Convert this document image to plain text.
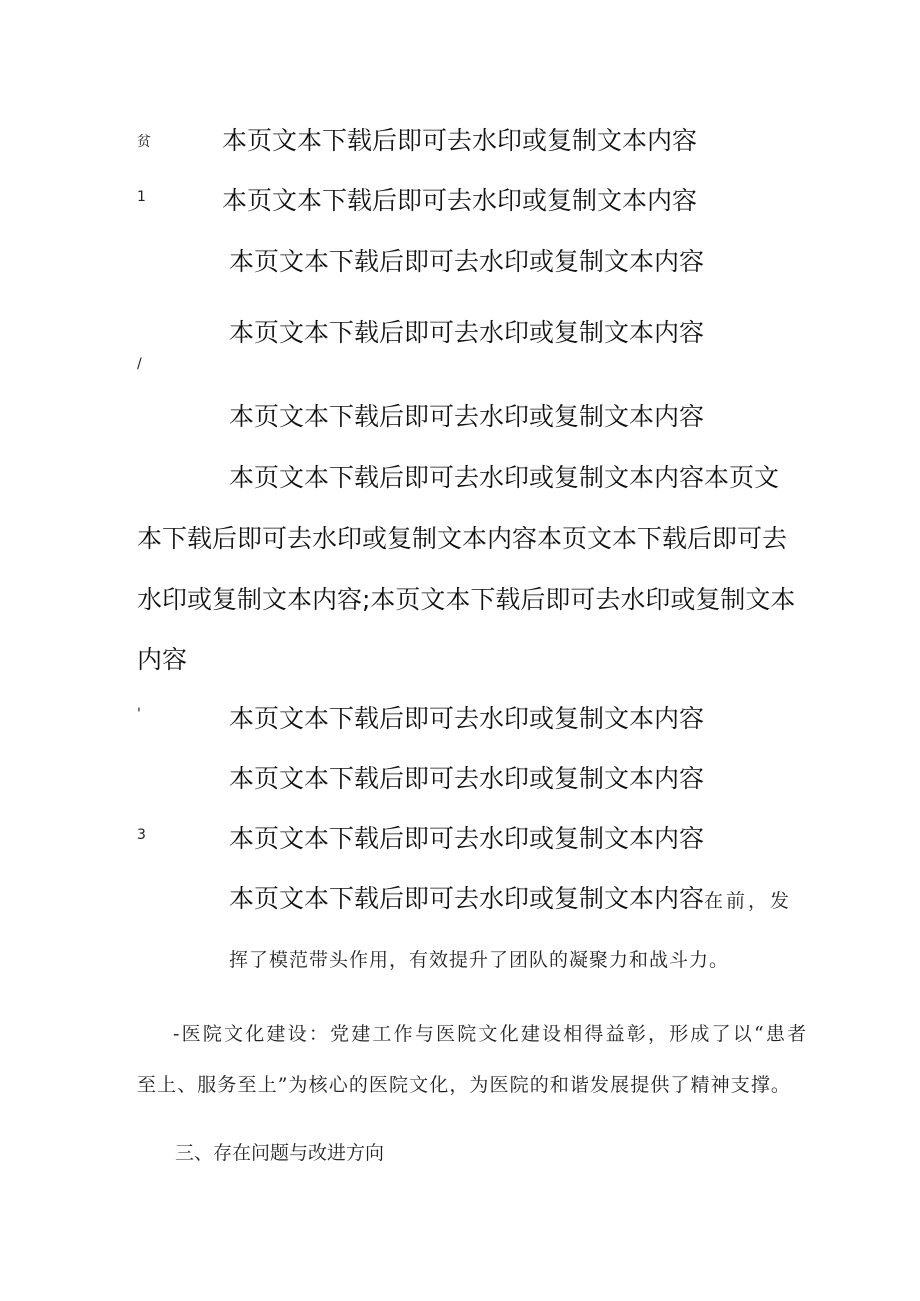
贫
1
/
'
3
本页文本下载后即可去水印或复制文本内容
本页文本下载后即可去水印或复制文本内容
本页文本下载后即可去水印或复制文本内容
本页文本下载后即可去水印或复制文本内容
本页文本下载后即可去水印或复制文本内容
本页文本下载后即可去水印或复制文本内容本页文
本下载后即可去水印或复制文本内容本页文本下载后即可去
水印或复制文本内容;本页文本下载后即可去水印或复制文本
内容
本页文本下载后即可去水印或复制文本内容
本页文本下载后即可去水印或复制文本内容
本页文本下载后即可去水印或复制文本内容
本页文本下载后即可去水印或复制文本内容在前，发
挥了模范带头作用，有效提升了团队的凝聚力和战斗力。
-医院文化建设：党建工作与医院文化建设相得益彰，形成了以“患者
至上、服务至上”为核心的医院文化，为医院的和谐发展提供了精神支撑。
三、存在问题与改进方向
